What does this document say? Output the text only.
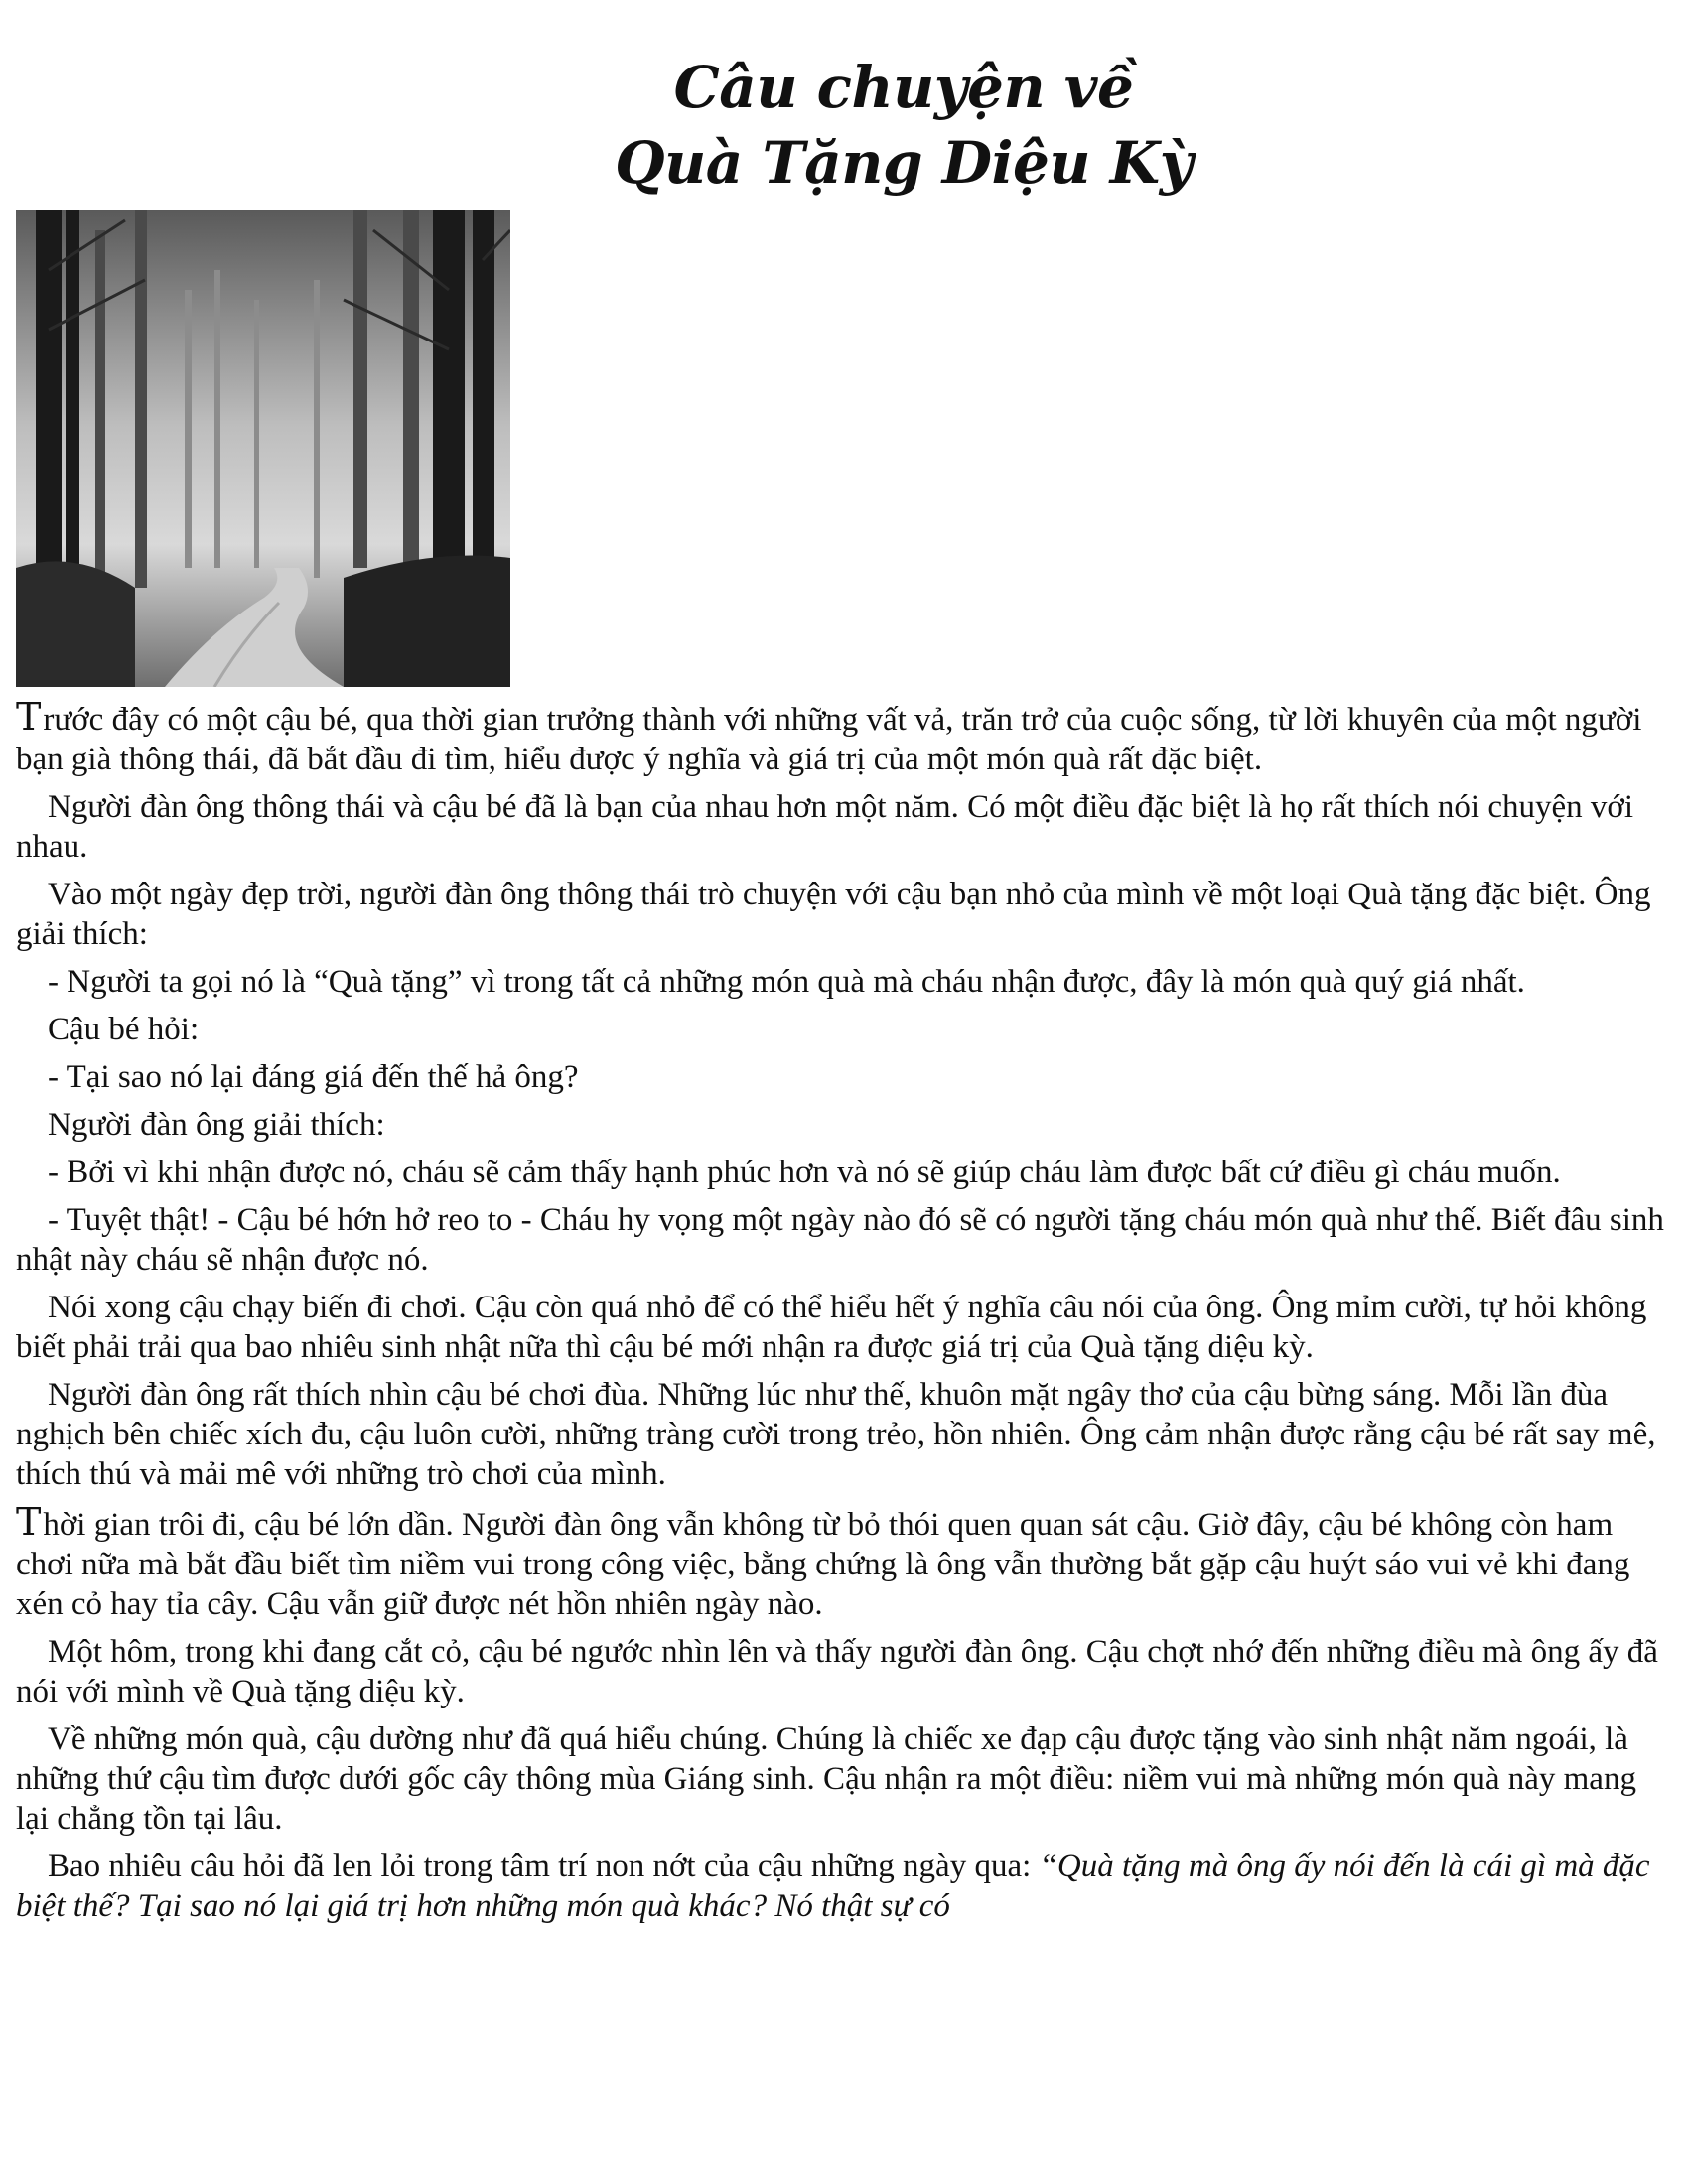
Câu chuyện về
Quà Tặng Diệu Kỳ

Trước đây có một cậu bé, qua thời gian trưởng thành với những vất vả, trăn trở của cuộc sống, từ lời khuyên của một người bạn già thông thái, đã bắt đầu đi tìm, hiểu được ý nghĩa và giá trị của một món quà rất đặc biệt.

Người đàn ông thông thái và cậu bé đã là bạn của nhau hơn một năm. Có một điều đặc biệt là họ rất thích nói chuyện với nhau.

Vào một ngày đẹp trời, người đàn ông thông thái trò chuyện với cậu bạn nhỏ của mình về một loại Quà tặng đặc biệt. Ông giải thích:

- Người ta gọi nó là “Quà tặng” vì trong tất cả những món quà mà cháu nhận được, đây là món quà quý giá nhất.

Cậu bé hỏi:

- Tại sao nó lại đáng giá đến thế hả ông?

Người đàn ông giải thích:

- Bởi vì khi nhận được nó, cháu sẽ cảm thấy hạnh phúc hơn và nó sẽ giúp cháu làm được bất cứ điều gì cháu muốn.

- Tuyệt thật! - Cậu bé hớn hở reo to - Cháu hy vọng một ngày nào đó sẽ có người tặng cháu món quà như thế. Biết đâu sinh nhật này cháu sẽ nhận được nó.

Nói xong cậu chạy biến đi chơi. Cậu còn quá nhỏ để có thể hiểu hết ý nghĩa câu nói của ông. Ông mỉm cười, tự hỏi không biết phải trải qua bao nhiêu sinh nhật nữa thì cậu bé mới nhận ra được giá trị của Quà tặng diệu kỳ.

Người đàn ông rất thích nhìn cậu bé chơi đùa. Những lúc như thế, khuôn mặt ngây thơ của cậu bừng sáng. Mỗi lần đùa nghịch bên chiếc xích đu, cậu luôn cười, những tràng cười trong trẻo, hồn nhiên. Ông cảm nhận được rằng cậu bé rất say mê, thích thú và mải mê với những trò chơi của mình.

Thời gian trôi đi, cậu bé lớn dần. Người đàn ông vẫn không từ bỏ thói quen quan sát cậu. Giờ đây, cậu bé không còn ham chơi nữa mà bắt đầu biết tìm niềm vui trong công việc, bằng chứng là ông vẫn thường bắt gặp cậu huýt sáo vui vẻ khi đang xén cỏ hay tỉa cây. Cậu vẫn giữ được nét hồn nhiên ngày nào.

Một hôm, trong khi đang cắt cỏ, cậu bé ngước nhìn lên và thấy người đàn ông. Cậu chợt nhớ đến những điều mà ông ấy đã nói với mình về Quà tặng diệu kỳ.

Về những món quà, cậu dường như đã quá hiểu chúng. Chúng là chiếc xe đạp cậu được tặng vào sinh nhật năm ngoái, là những thứ cậu tìm được dưới gốc cây thông mùa Giáng sinh. Cậu nhận ra một điều: niềm vui mà những món quà này mang lại chẳng tồn tại lâu.

Bao nhiêu câu hỏi đã len lỏi trong tâm trí non nớt của cậu những ngày qua: “Quà tặng mà ông ấy nói đến là cái gì mà đặc biệt thế? Tại sao nó lại giá trị hơn những món quà khác? Nó thật sự có
